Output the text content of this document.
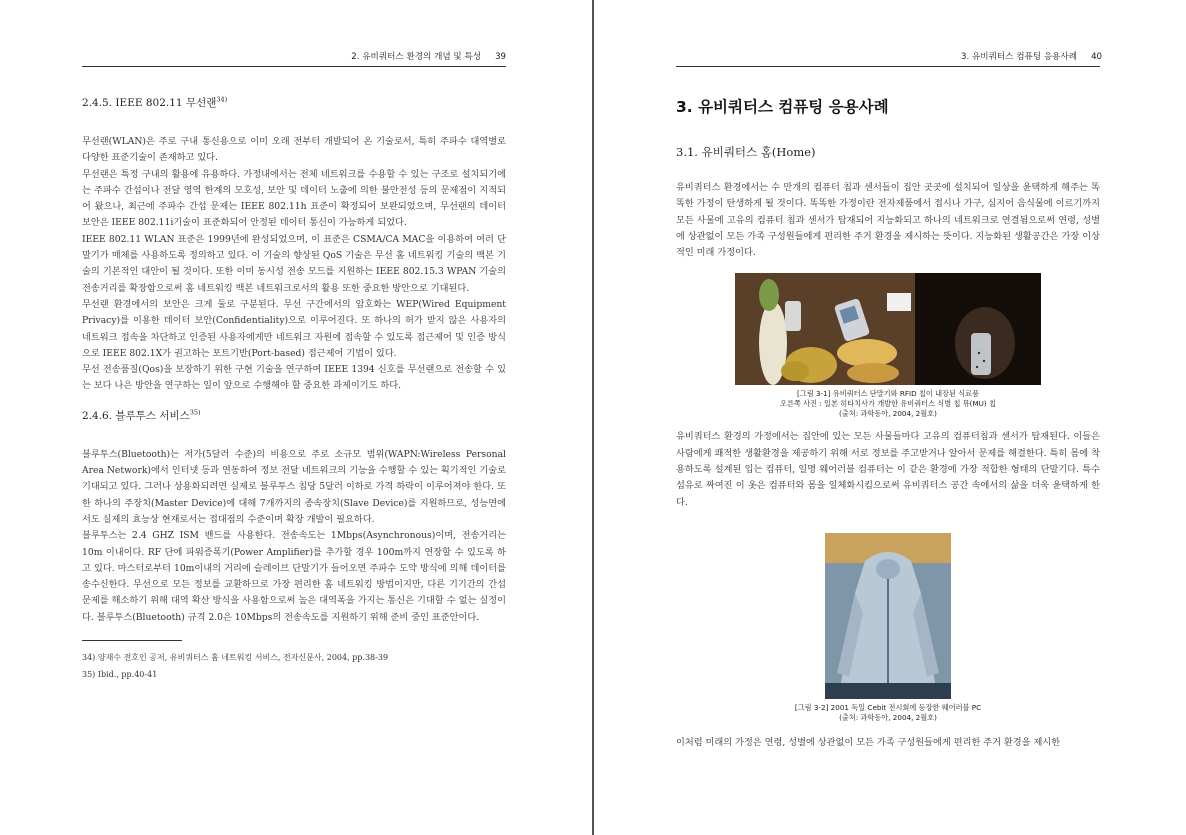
2. 유비쿼터스 환경의 개념 및 특성 39
2.4.5. IEEE 802.11 무선랜$^{34)}$

무선랜(WLAN)은 주로 구내 통신용으로 이미 오래 전부터 개발되어 온 기술로서, 특히 주파수 대역별로 다양한 표준기술이 존재하고 있다.

무선랜은 특정 구내의 활용에 유용하다. 가정내에서는 전체 네트워크를 수용할 수 있는 구조로 설치되기에는 주파수 간섭이나 전달 영역 한계의 모호성, 보안 및 데이터 노출에 의한 불안전성 등의 문제점이 지적되어 왔으나, 최근에 주파수 간섭 문제는 IEEE 802.11h 표준이 확정되어 보완되었으며, 무선랜의 데이터 보안은 IEEE 802.11i기술이 표준화되어 안정된 데이터 통신이 가능하게 되었다.

IEEE 802.11 WLAN 표준은 1999년에 완성되었으며, 이 표준은 CSMA/CA MAC을 이용하여 여러 단말기가 매체를 사용하도록 정의하고 있다. 이 기술의 향상된 QoS 기술은 무선 홈 네트워킹 기술의 백본 기술의 기본적인 대안이 될 것이다. 또한 이미 동시성 전송 모드를 지원하는 IEEE 802.15.3 WPAN 기술의 전송거리를 확장함으로써 홈 네트워킹 백본 네트워크로서의 활용 또한 중요한 방안으로 기대된다.

무선랜 환경에서의 보안은 크게 둘로 구분된다. 무선 구간에서의 암호화는 WEP(Wired Equipment Privacy)를 이용한 데이터 보안(Confidentiality)으로 이루어진다. 또 하나의 허가 받지 않은 사용자의 네트워크 접속을 차단하고 인증된 사용자에게만 네트워크 자원에 접속할 수 있도록 접근제어 및 인증 방식으로 IEEE 802.1X가 권고하는 포트기반(Port-based) 접근제어 기법이 있다.

무선 전송품질(Qos)을 보장하기 위한 구현 기술을 연구하여 IEEE 1394 신호를 무선랜으로 전송할 수 있는 보다 나은 방안을 연구하는 일이 앞으로 수행해야 할 중요한 과제이기도 하다.

2.4.6. 블루투스 서비스$^{35)}$

블루투스(Bluetooth)는 저가(5달러 수준)의 비용으로 주로 소규모 범위(WAPN:Wireless Personal Area Network)에서 인터넷 등과 연동하여 정보 전달 네트워크의 기능을 수행할 수 있는 획기적인 기술로 기대되고 있다. 그러나 상용화되려면 실제로 블루투스 칩당 5달러 이하로 가격 하락이 이루어져야 한다. 또한 하나의 주장치(Master Device)에 대해 7개까지의 종속장치(Slave Device)를 지원하므로, 성능면에서도 실제의 효능상 현재로서는 접대점의 수준이며 확장 개발이 필요하다.

블루투스는 2.4 GHZ ISM 밴드를 사용한다. 전송속도는 1Mbps(Asynchronous)이며, 전송거리는 10m 이내이다. RF 단에 파워증폭기(Power Amplifier)를 추가할 경우 100m까지 연장할 수 있도록 하고 있다. 마스터로부터 10m이내의 거리에 슬레이브 단말기가 들어오면 주파수 도약 방식에 의해 데이터를 송수신한다. 무선으로 모든 정보를 교환하므로 가장 편리한 홈 네트워킹 방법이지만, 다른 기기간의 간섭 문제를 해소하기 위해 대역 확산 방식을 사용함으로써 높은 대역폭을 가지는 통신은 기대할 수 없는 실정이다. 블루투스(Bluetooth) 규격 2.0은 10Mbps의 전송속도를 지원하기 위해 준비 중인 표준안이다.

34) 양재수 전호인 공저, 유비쿼터스 홈 네트워킹 서비스, 전자신문사, 2004, pp.38-39
35) Ibid., pp.40-41
3. 유비쿼터스 컴퓨팅 응용사례 40
3. 유비쿼터스 컴퓨팅 응용사례
3.1. 유비쿼터스 홈(Home)

유비쿼터스 환경에서는 수 만개의 컴퓨터 칩과 센서들이 집안 곳곳에 설치되어 일상을 윤택하게 해주는 똑똑한 가정이 탄생하게 될 것이다. 똑똑한 가정이란 전자제품에서 접시나 가구, 심지어 음식물에 이르기까지 모든 사물에 고유의 컴퓨터 칩과 센서가 탑재되어 지능화되고 하나의 네트워크로 연결됨으로써 연령, 성별에 상관없이 모든 가족 구성원들에게 편리한 주거 환경을 제시하는 뜻이다. 지능화된 생활공간은 가장 이상적인 미래 가정이다.

[그림 3-1] 유비쿼터스 단말기와 RFID 칩이 내장된 식료품
오른쪽 사진 : 일본 히타치사가 개발한 유비쿼터스 식별 칩 뮤(MU) 칩
(출처: 과학동아, 2004, 2월호)

유비쿼터스 환경의 가정에서는 집안에 있는 모든 사물들마다 고유의 컴퓨터칩과 센서가 탑재된다. 이들은 사람에게 쾌적한 생활환경을 제공하기 위해 서로 정보를 주고받거나 알아서 문제를 해결한다. 특히 몸에 착용하도록 설계된 입는 컴퓨터, 일명 웨어러블 컴퓨터는 이 같은 환경에 가장 적합한 형태의 단말기다. 특수 섬유로 짜여진 이 옷은 컴퓨터와 몸을 일체화시킴으로써 유비쿼터스 공간 속에서의 삶을 더욱 윤택하게 한다.

[그림 3-2] 2001 독일 Cebit 전시회에 등장한 웨어러블 PC
(출처: 과학동아, 2004, 2월호)

이처럼 미래의 가정은 연령, 성별에 상관없이 모든 가족 구성원들에게 편리한 주거 환경을 제시한
